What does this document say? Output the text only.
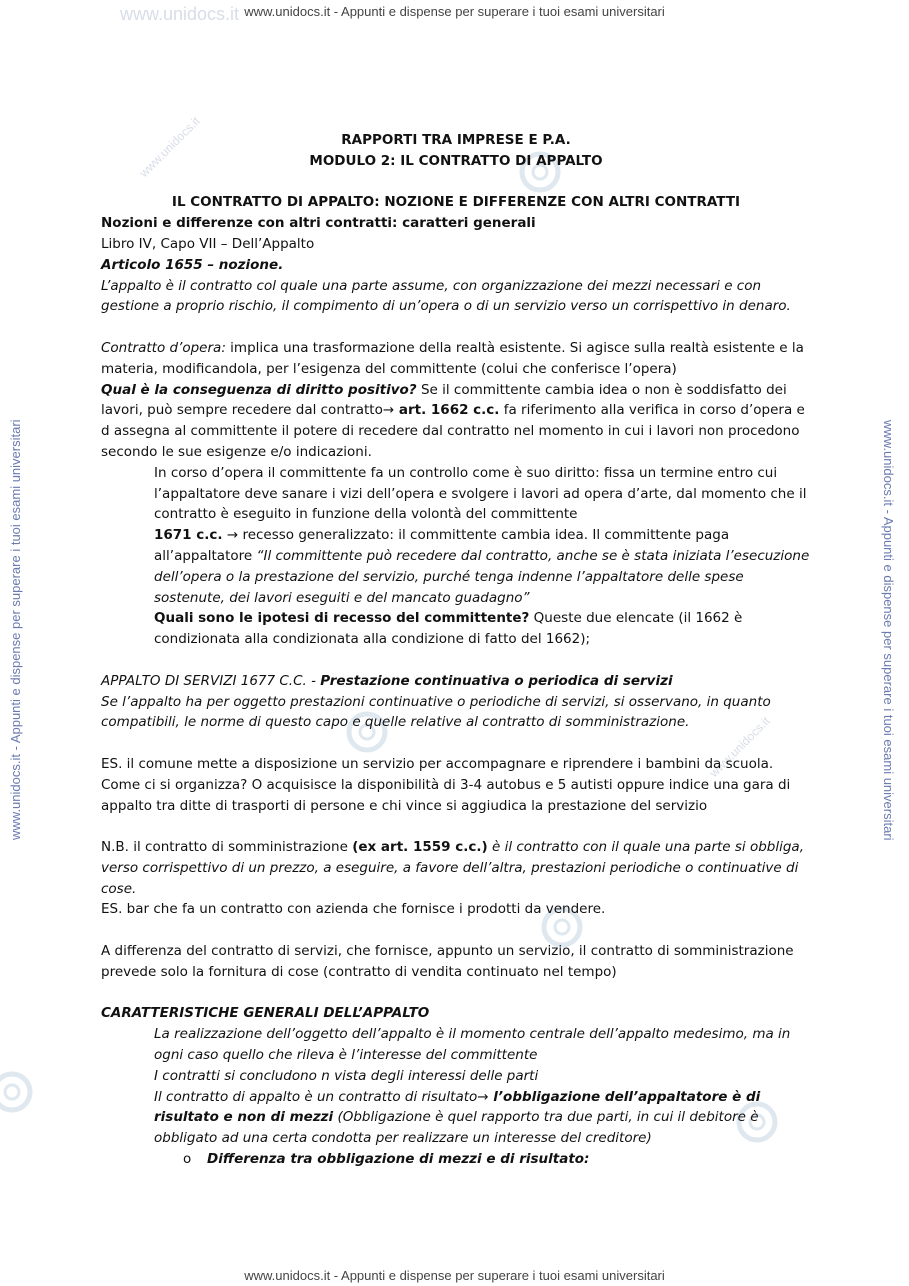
www.unidocs.it - Appunti e dispense per superare i tuoi esami universitari
www.unidocs.it - Appunti e dispense per superare i tuoi esami universitari
www.unidocs.it - Appunti e dispense per superare i tuoi esami universitari	www.unidocs.it - Appunti e dispense per superare i tuoi esami universitari
www.unidocs.it
www.unidocs.it
www.unidocs.it

RAPPORTI TRA IMPRESE E P.A.

MODULO 2: IL CONTRATTO DI APPALTO

IL CONTRATTO DI APPALTO: NOZIONE E DIFFERENZE CON ALTRI CONTRATTI

Nozioni e differenze con altri contratti: caratteri generali

Libro IV, Capo VII – Dell’Appalto

Articolo 1655 – nozione.

L’appalto è il contratto col quale una parte assume, con organizzazione dei mezzi necessari e con gestione a proprio rischio, il compimento di un’opera o di un servizio verso un corrispettivo in denaro.

Contratto d’opera: implica una trasformazione della realtà esistente. Si agisce sulla realtà esistente e la materia, modificandola, per l’esigenza del committente (colui che conferisce l’opera)

Qual è la conseguenza di diritto positivo? Se il committente cambia idea o non è soddisfatto dei lavori, può sempre recedere dal contratto→ art. 1662 c.c. fa riferimento alla verifica in corso d’opera e d assegna al committente il potere di recedere dal contratto nel momento in cui i lavori non procedono secondo le sue esigenze e/o indicazioni.

In corso d’opera il committente fa un controllo come è suo diritto: fissa un termine entro cui l’appaltatore deve sanare i vizi dell’opera e svolgere i lavori ad opera d’arte, dal momento che il contratto è eseguito in funzione della volontà del committente

1671 c.c. → recesso generalizzato: il committente cambia idea. Il committente paga all’appaltatore “Il committente può recedere dal contratto, anche se è stata iniziata l’esecuzione dell’opera o la prestazione del servizio, purché tenga indenne l’appaltatore delle spese sostenute, dei lavori eseguiti e del mancato guadagno”

Quali sono le ipotesi di recesso del committente? Queste due elencate (il 1662 è condizionata alla condizionata alla condizione di fatto del 1662);

APPALTO DI SERVIZI 1677 C.C. - Prestazione continuativa o periodica di servizi

Se l’appalto ha per oggetto prestazioni continuative o periodiche di servizi, si osservano, in quanto compatibili, le norme di questo capo e quelle relative al contratto di somministrazione.

ES. il comune mette a disposizione un servizio per accompagnare e riprendere i bambini da scuola. Come ci si organizza? O acquisisce la disponibilità di 3-4 autobus e 5 autisti oppure indice una gara di appalto tra ditte di trasporti di persone e chi vince si aggiudica la prestazione del servizio

N.B. il contratto di somministrazione (ex art. 1559 c.c.) è il contratto con il quale una parte si obbliga, verso corrispettivo di un prezzo, a eseguire, a favore dell’altra, prestazioni periodiche o continuative di cose.

ES. bar che fa un contratto con azienda che fornisce i prodotti da vendere.

A differenza del contratto di servizi, che fornisce, appunto un servizio, il contratto di somministrazione prevede solo la fornitura di cose (contratto di vendita continuato nel tempo)

CARATTERISTICHE GENERALI DELL’APPALTO

La realizzazione dell’oggetto dell’appalto è il momento centrale dell’appalto medesimo, ma in ogni caso quello che rileva è l’interesse del committente

I contratti si concludono n vista degli interessi delle parti

Il contratto di appalto è un contratto di risultato→ l’obbligazione dell’appaltatore è di risultato e non di mezzi (Obbligazione è quel rapporto tra due parti, in cui il debitore è obbligato ad una certa condotta per realizzare un interesse del creditore)

o Differenza tra obbligazione di mezzi e di risultato:
